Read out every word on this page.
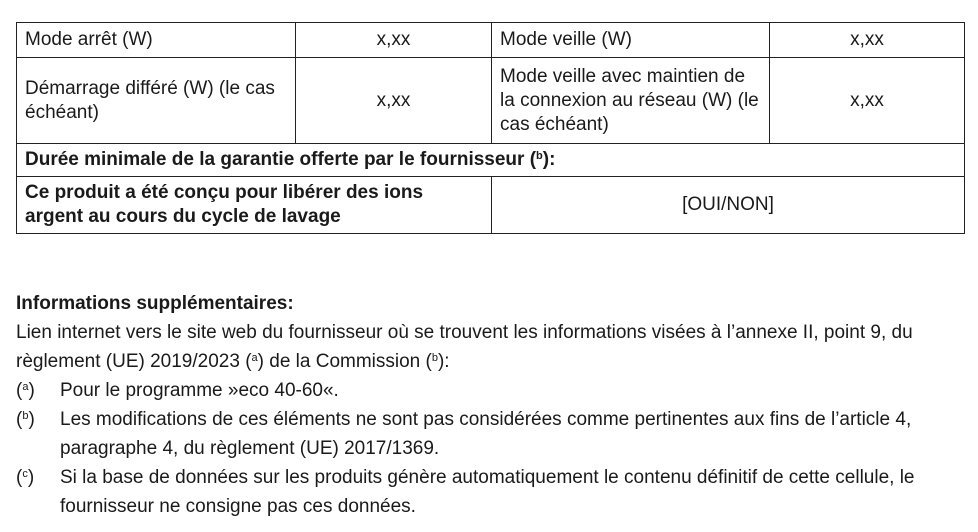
Mode arrêt (W)	x,xx	Mode veille (W)	x,xx
Démarrage différé (W) (le cas échéant)	x,xx	Mode veille avec maintien de la connexion au réseau (W) (le cas échéant)	x,xx
Durée minimale de la garantie offerte par le fournisseur ($^b$):			
Ce produit a été conçu pour libérer des ions argent au cours du cycle de lavage		[OUI/NON]	

Informations supplémentaires:

Lien internet vers le site web du fournisseur où se trouvent les informations visées à l’annexe II, point 9, du règlement (UE) 2019/2023 ($^a$) de la Commission ($^b$):

($^a$)	Pour le programme »eco 40-60«.
($^b$)	Les modifications de ces éléments ne sont pas considérées comme pertinentes aux fins de l’article 4, paragraphe 4, du règlement (UE) 2017/1369.
($^c$)	Si la base de données sur les produits génère automatiquement le contenu définitif de cette cellule, le fournisseur ne consigne pas ces données.
